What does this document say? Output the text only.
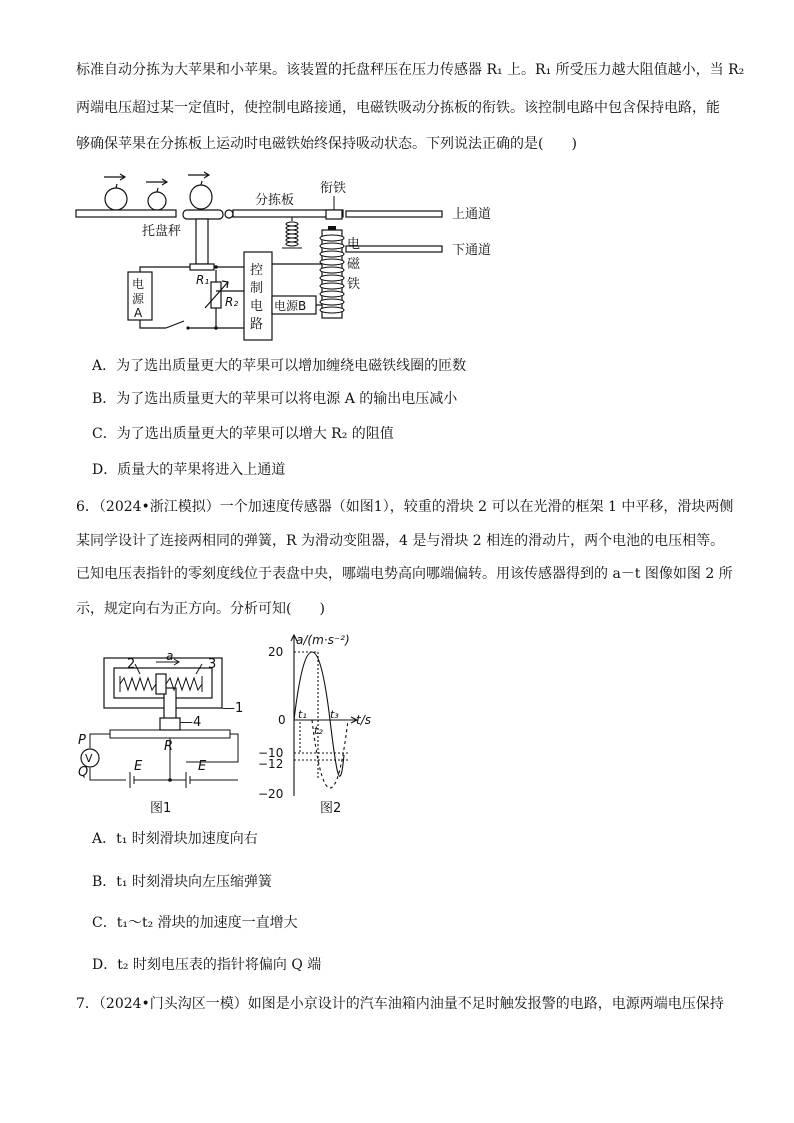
标准自动分拣为大苹果和小苹果。该装置的托盘秤压在压力传感器 R₁ 上。R₁ 所受压力越大阻值越小，当 R₂
两端电压超过某一定值时，使控制电路接通，电磁铁吸动分拣板的衔铁。该控制电路中包含保持电路，能
够确保苹果在分拣板上运动时电磁铁始终保持吸动状态。下列说法正确的是(　　)
托盘秤
分拣板
衔铁
上通道
下通道
电
磁
铁
控
制
电
路
电源B
电
源
A
R₁
R₂
A．为了选出质量更大的苹果可以增加缠绕电磁铁线圈的匝数
B．为了选出质量更大的苹果可以将电源 A 的输出电压减小
C．为了选出质量更大的苹果可以增大 R₂ 的阻值
D．质量大的苹果将进入上通道
6．（2024•浙江模拟）一个加速度传感器（如图1），较重的滑块 2 可以在光滑的框架 1 中平移，滑块两侧
某同学设计了连接两相同的弹簧，R 为滑动变阻器，4 是与滑块 2 相连的滑动片，两个电池的电压相等。
已知电压表指针的零刻度线位于表盘中央，哪端电势高向哪端偏转。用该传感器得到的 a－t 图像如图 2 所
示，规定向右为正方向。分析可知(　　)
2
a
3
—1
—4
R
P
V
Q	E	E
图1
a/(m·s⁻²)
t/s
20
0
−10
−12
−20
t₁
t₂
t₃
图2
A．t₁ 时刻滑块加速度向右
B．t₁ 时刻滑块向左压缩弹簧
C．t₁～t₂ 滑块的加速度一直增大
D．t₂ 时刻电压表的指针将偏向 Q 端
7．（2024•门头沟区一模）如图是小京设计的汽车油箱内油量不足时触发报警的电路，电源两端电压保持
